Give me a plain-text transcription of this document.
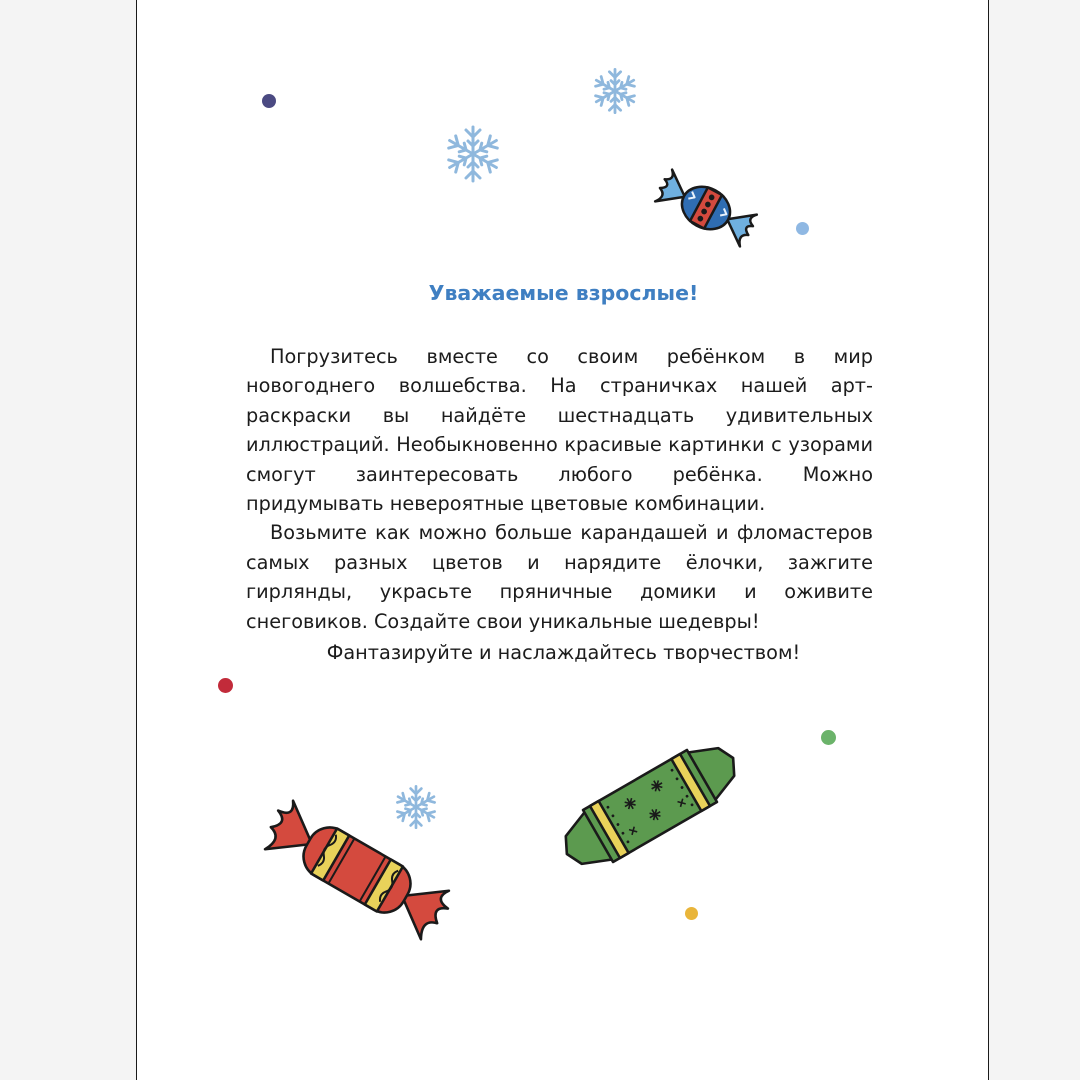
Уважаемые взрослые!

Погрузитесь вместе со своим ребёнком в мир новогоднего волшебства. На страничках нашей арт-раскраски вы найдёте шестнадцать удивительных иллюстраций. Необыкновенно красивые картинки с узорами смогут заинтересовать любого ребёнка. Можно придумывать невероятные цветовые комбинации.

Возьмите как можно больше карандашей и фломастеров самых разных цветов и нарядите ёлочки, зажгите гирлянды, украсьте пряничные домики и оживите снеговиков. Создайте свои уникальные шедевры!

Фантазируйте и наслаждайтесь творчеством!
